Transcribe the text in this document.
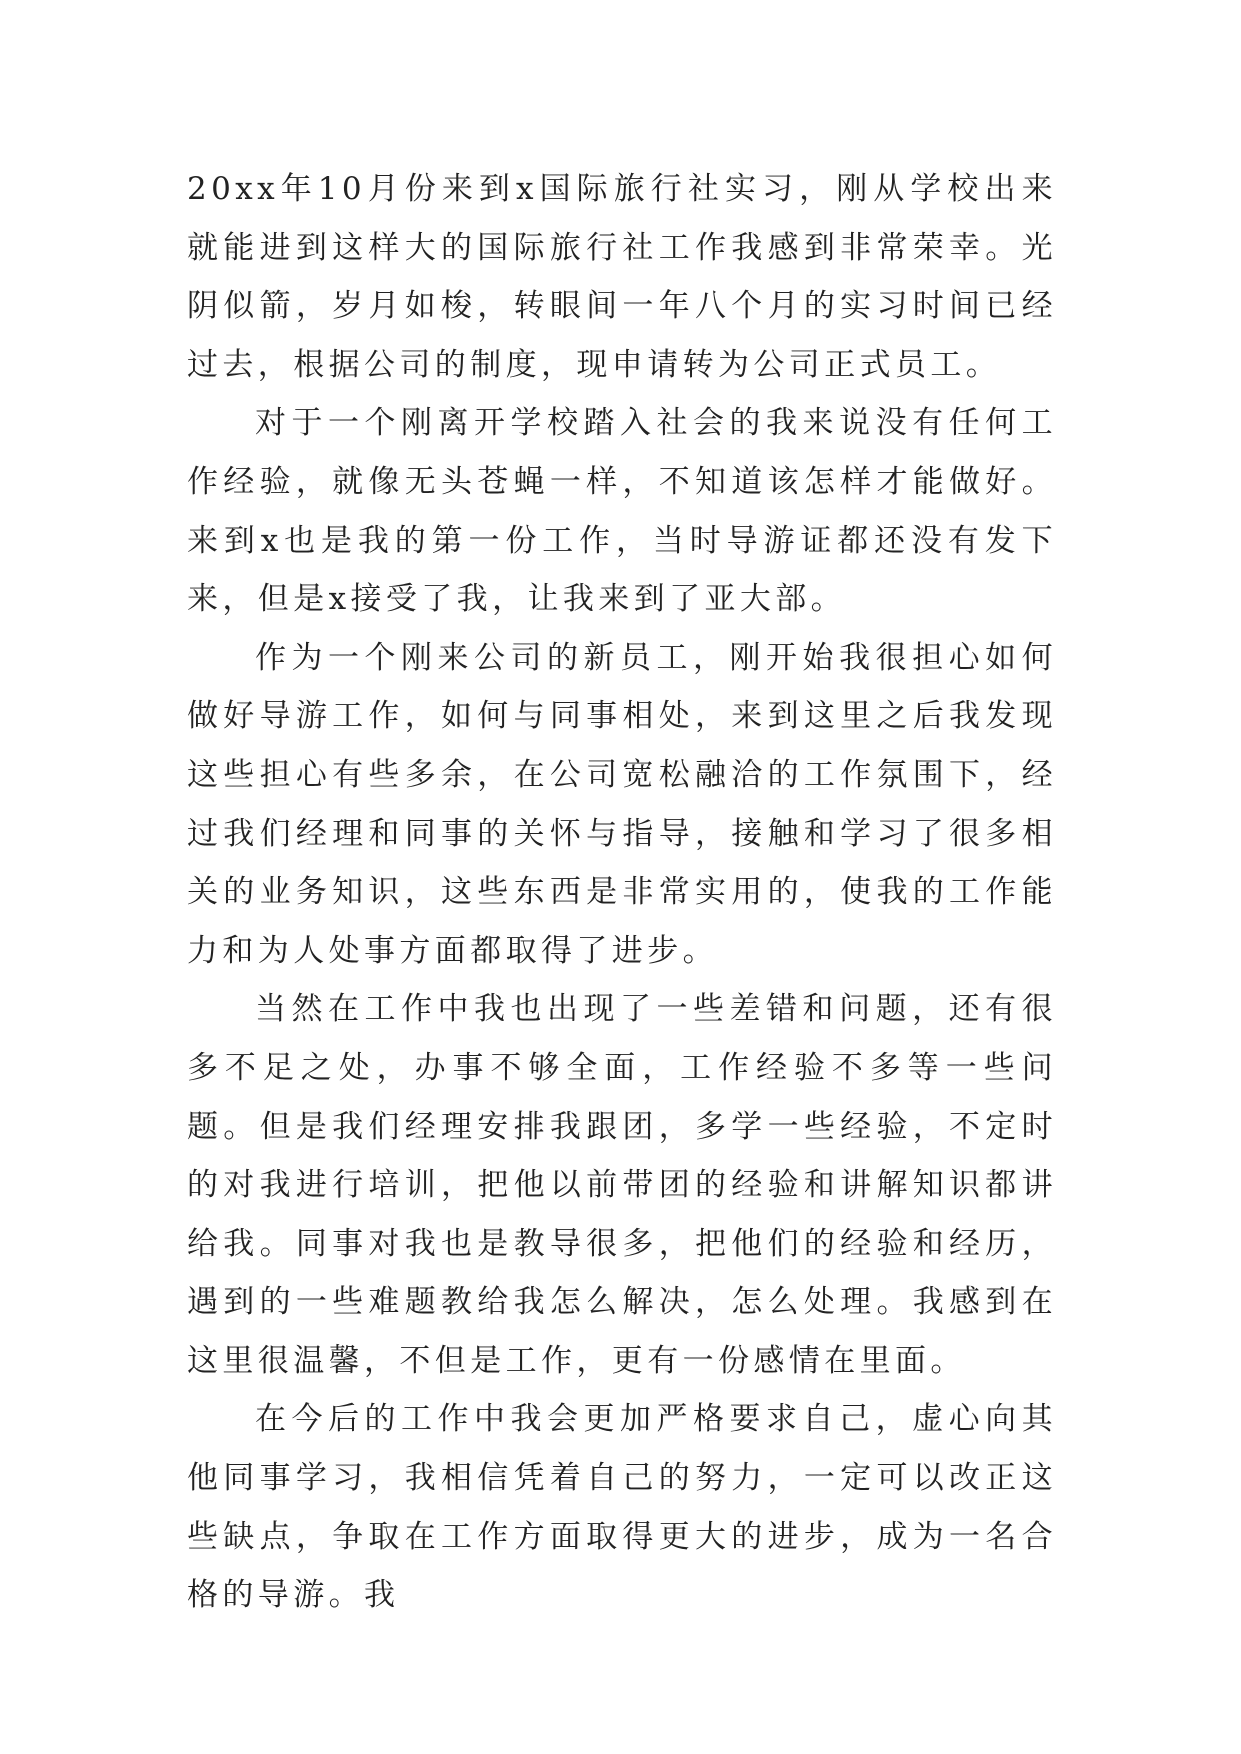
20xx年10月份来到x国际旅行社实习，刚从学校出来就能进到这样大的国际旅行社工作我感到非常荣幸。光阴似箭，岁月如梭，转眼间一年八个月的实习时间已经过去，根据公司的制度，现申请转为公司正式员工。

对于一个刚离开学校踏入社会的我来说没有任何工作经验，就像无头苍蝇一样，不知道该怎样才能做好。来到x也是我的第一份工作，当时导游证都还没有发下来，但是x接受了我，让我来到了亚大部。

作为一个刚来公司的新员工，刚开始我很担心如何做好导游工作，如何与同事相处，来到这里之后我发现这些担心有些多余，在公司宽松融洽的工作氛围下，经过我们经理和同事的关怀与指导，接触和学习了很多相关的业务知识，这些东西是非常实用的，使我的工作能力和为人处事方面都取得了进步。

当然在工作中我也出现了一些差错和问题，还有很多不足之处，办事不够全面，工作经验不多等一些问题。但是我们经理安排我跟团，多学一些经验，不定时的对我进行培训，把他以前带团的经验和讲解知识都讲给我。同事对我也是教导很多，把他们的经验和经历，遇到的一些难题教给我怎么解决，怎么处理。我感到在这里很温馨，不但是工作，更有一份感情在里面。

在今后的工作中我会更加严格要求自己，虚心向其他同事学习，我相信凭着自己的努力，一定可以改正这些缺点，争取在工作方面取得更大的进步，成为一名合格的导游。我
